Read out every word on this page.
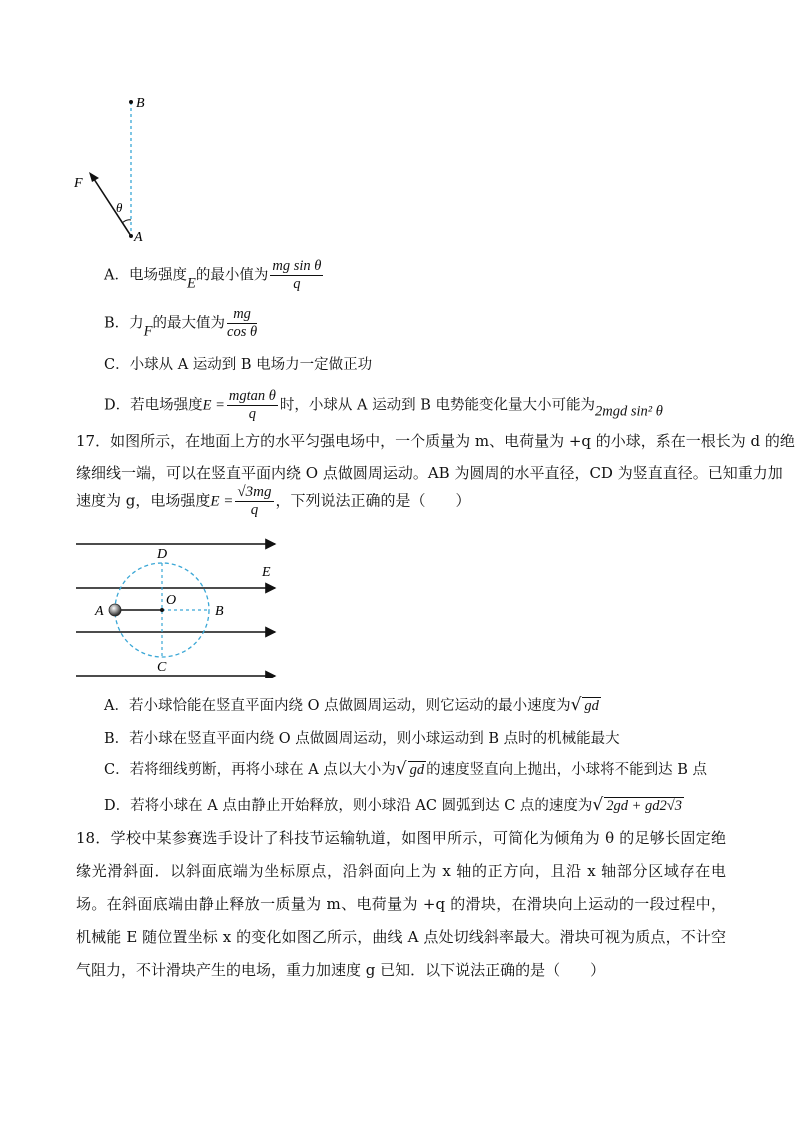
B
F
A
θ
A．电场强度E的最小值为 $\frac{\text{mg sin θ}}{q}$
B．力F的最大值为 $\frac{mg}{\text{cos θ}}$
C．小球从 A 运动到 B 电场力一定做正功
D．若电场强度$E = \frac{\text{mgtan θ}}{q}$ 时，小球从 A 运动到 B 电势能变化量大小可能为2mgd sin² θ
17．如图所示，在地面上方的水平匀强电场中，一个质量为 m、电荷量为 +q 的小球，系在一根长为 d 的绝
缘细线一端，可以在竖直平面内绕 O 点做圆周运动。AB 为圆周的水平直径，CD 为竖直直径。已知重力加
速度为 g，电场强度$E = \frac{√3mg}{q}$ ，下列说法正确的是（　　）
D
C
A	B
O
E
A．若小球恰能在竖直平面内绕 O 点做圆周运动，则它运动的最小速度为√ gd
B．若小球在竖直平面内绕 O 点做圆周运动，则小球运动到 B 点时的机械能最大
C．若将细线剪断，再将小球在 A 点以大小为√ gd 的速度竖直向上抛出，小球将不能到达 B 点
D．若将小球在 A 点由静止开始释放，则小球沿 AC 圆弧到达 C 点的速度为√ 2gd + gd2√3
18．学校中某参赛选手设计了科技节运输轨道，如图甲所示，可简化为倾角为 θ 的足够长固定绝缘光滑斜面．以斜面底端为坐标原点，沿斜面向上为 x 轴的正方向，且沿 x 轴部分区域存在电场。在斜面底端由静止释放一质量为 m、电荷量为 +q 的滑块，在滑块向上运动的一段过程中，机械能 E 随位置坐标 x 的变化如图乙所示，曲线 A 点处切线斜率最大。滑块可视为质点，不计空气阻力，不计滑块产生的电场，重力加速度 g 已知．以下说法正确的是（　　）
